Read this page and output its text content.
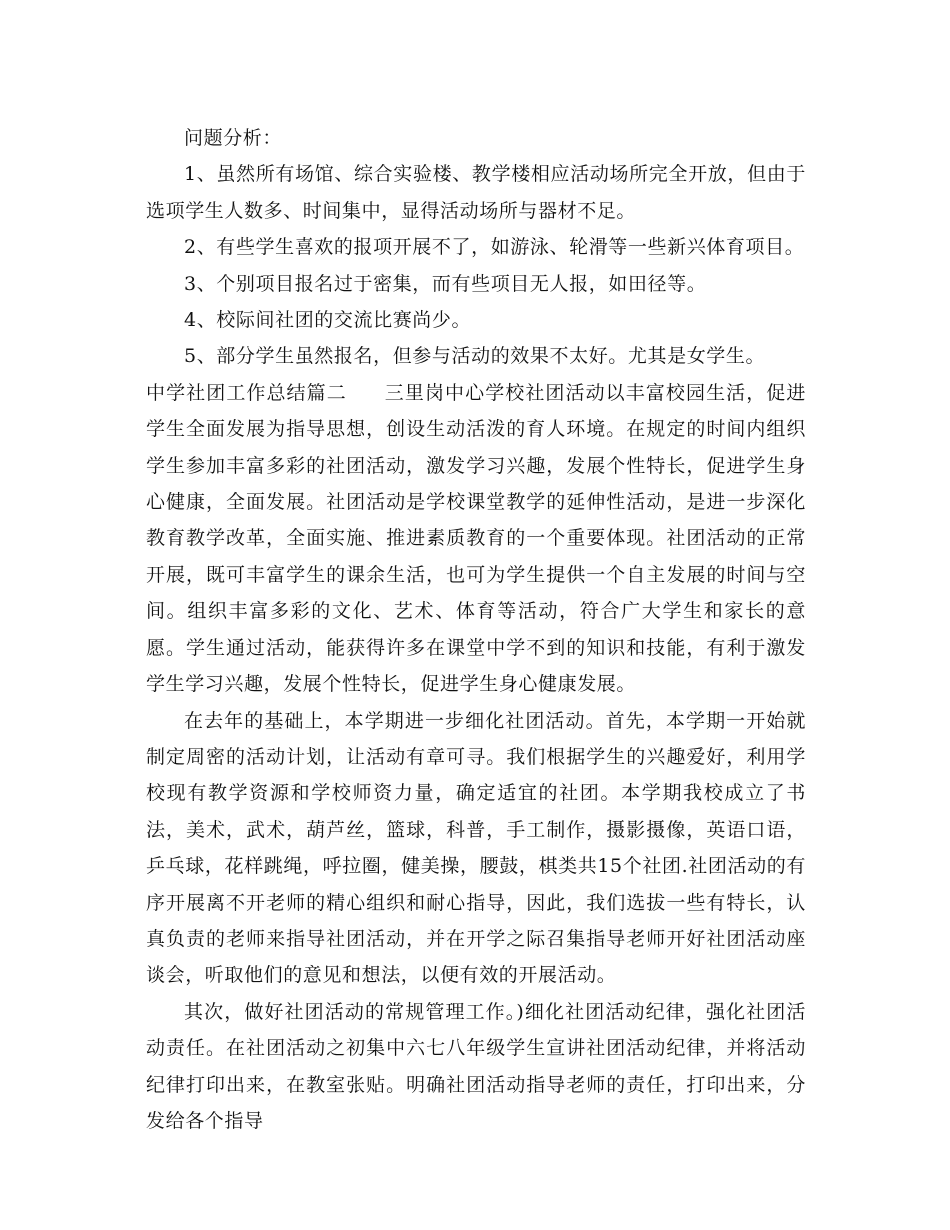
问题分析：

1、虽然所有场馆、综合实验楼、教学楼相应活动场所完全开放，但由于选项学生人数多、时间集中，显得活动场所与器材不足。

2、有些学生喜欢的报项开展不了，如游泳、轮滑等一些新兴体育项目。

3、个别项目报名过于密集，而有些项目无人报，如田径等。

4、校际间社团的交流比赛尚少。

5、部分学生虽然报名，但参与活动的效果不太好。尤其是女学生。

中学社团工作总结篇二 三里岗中心学校社团活动以丰富校园生活，促进学生全面发展为指导思想，创设生动活泼的育人环境。在规定的时间内组织学生参加丰富多彩的社团活动，激发学习兴趣，发展个性特长，促进学生身心健康，全面发展。社团活动是学校课堂教学的延伸性活动，是进一步深化教育教学改革，全面实施、推进素质教育的一个重要体现。社团活动的正常开展，既可丰富学生的课余生活，也可为学生提供一个自主发展的时间与空间。组织丰富多彩的文化、艺术、体育等活动，符合广大学生和家长的意愿。学生通过活动，能获得许多在课堂中学不到的知识和技能，有利于激发学生学习兴趣，发展个性特长，促进学生身心健康发展。

在去年的基础上，本学期进一步细化社团活动。首先，本学期一开始就制定周密的活动计划，让活动有章可寻。我们根据学生的兴趣爱好，利用学校现有教学资源和学校师资力量，确定适宜的社团。本学期我校成立了书法，美术，武术，葫芦丝，篮球，科普，手工制作，摄影摄像，英语口语，乒乓球，花样跳绳，呼拉圈，健美操，腰鼓，棋类共15个社团.社团活动的有序开展离不开老师的精心组织和耐心指导，因此，我们选拔一些有特长，认真负责的老师来指导社团活动，并在开学之际召集指导老师开好社团活动座谈会，听取他们的意见和想法，以便有效的开展活动。

其次，做好社团活动的常规管理工作。)细化社团活动纪律，强化社团活动责任。在社团活动之初集中六七八年级学生宣讲社团活动纪律，并将活动纪律打印出来，在教室张贴。明确社团活动指导老师的责任，打印出来，分发给各个指导
